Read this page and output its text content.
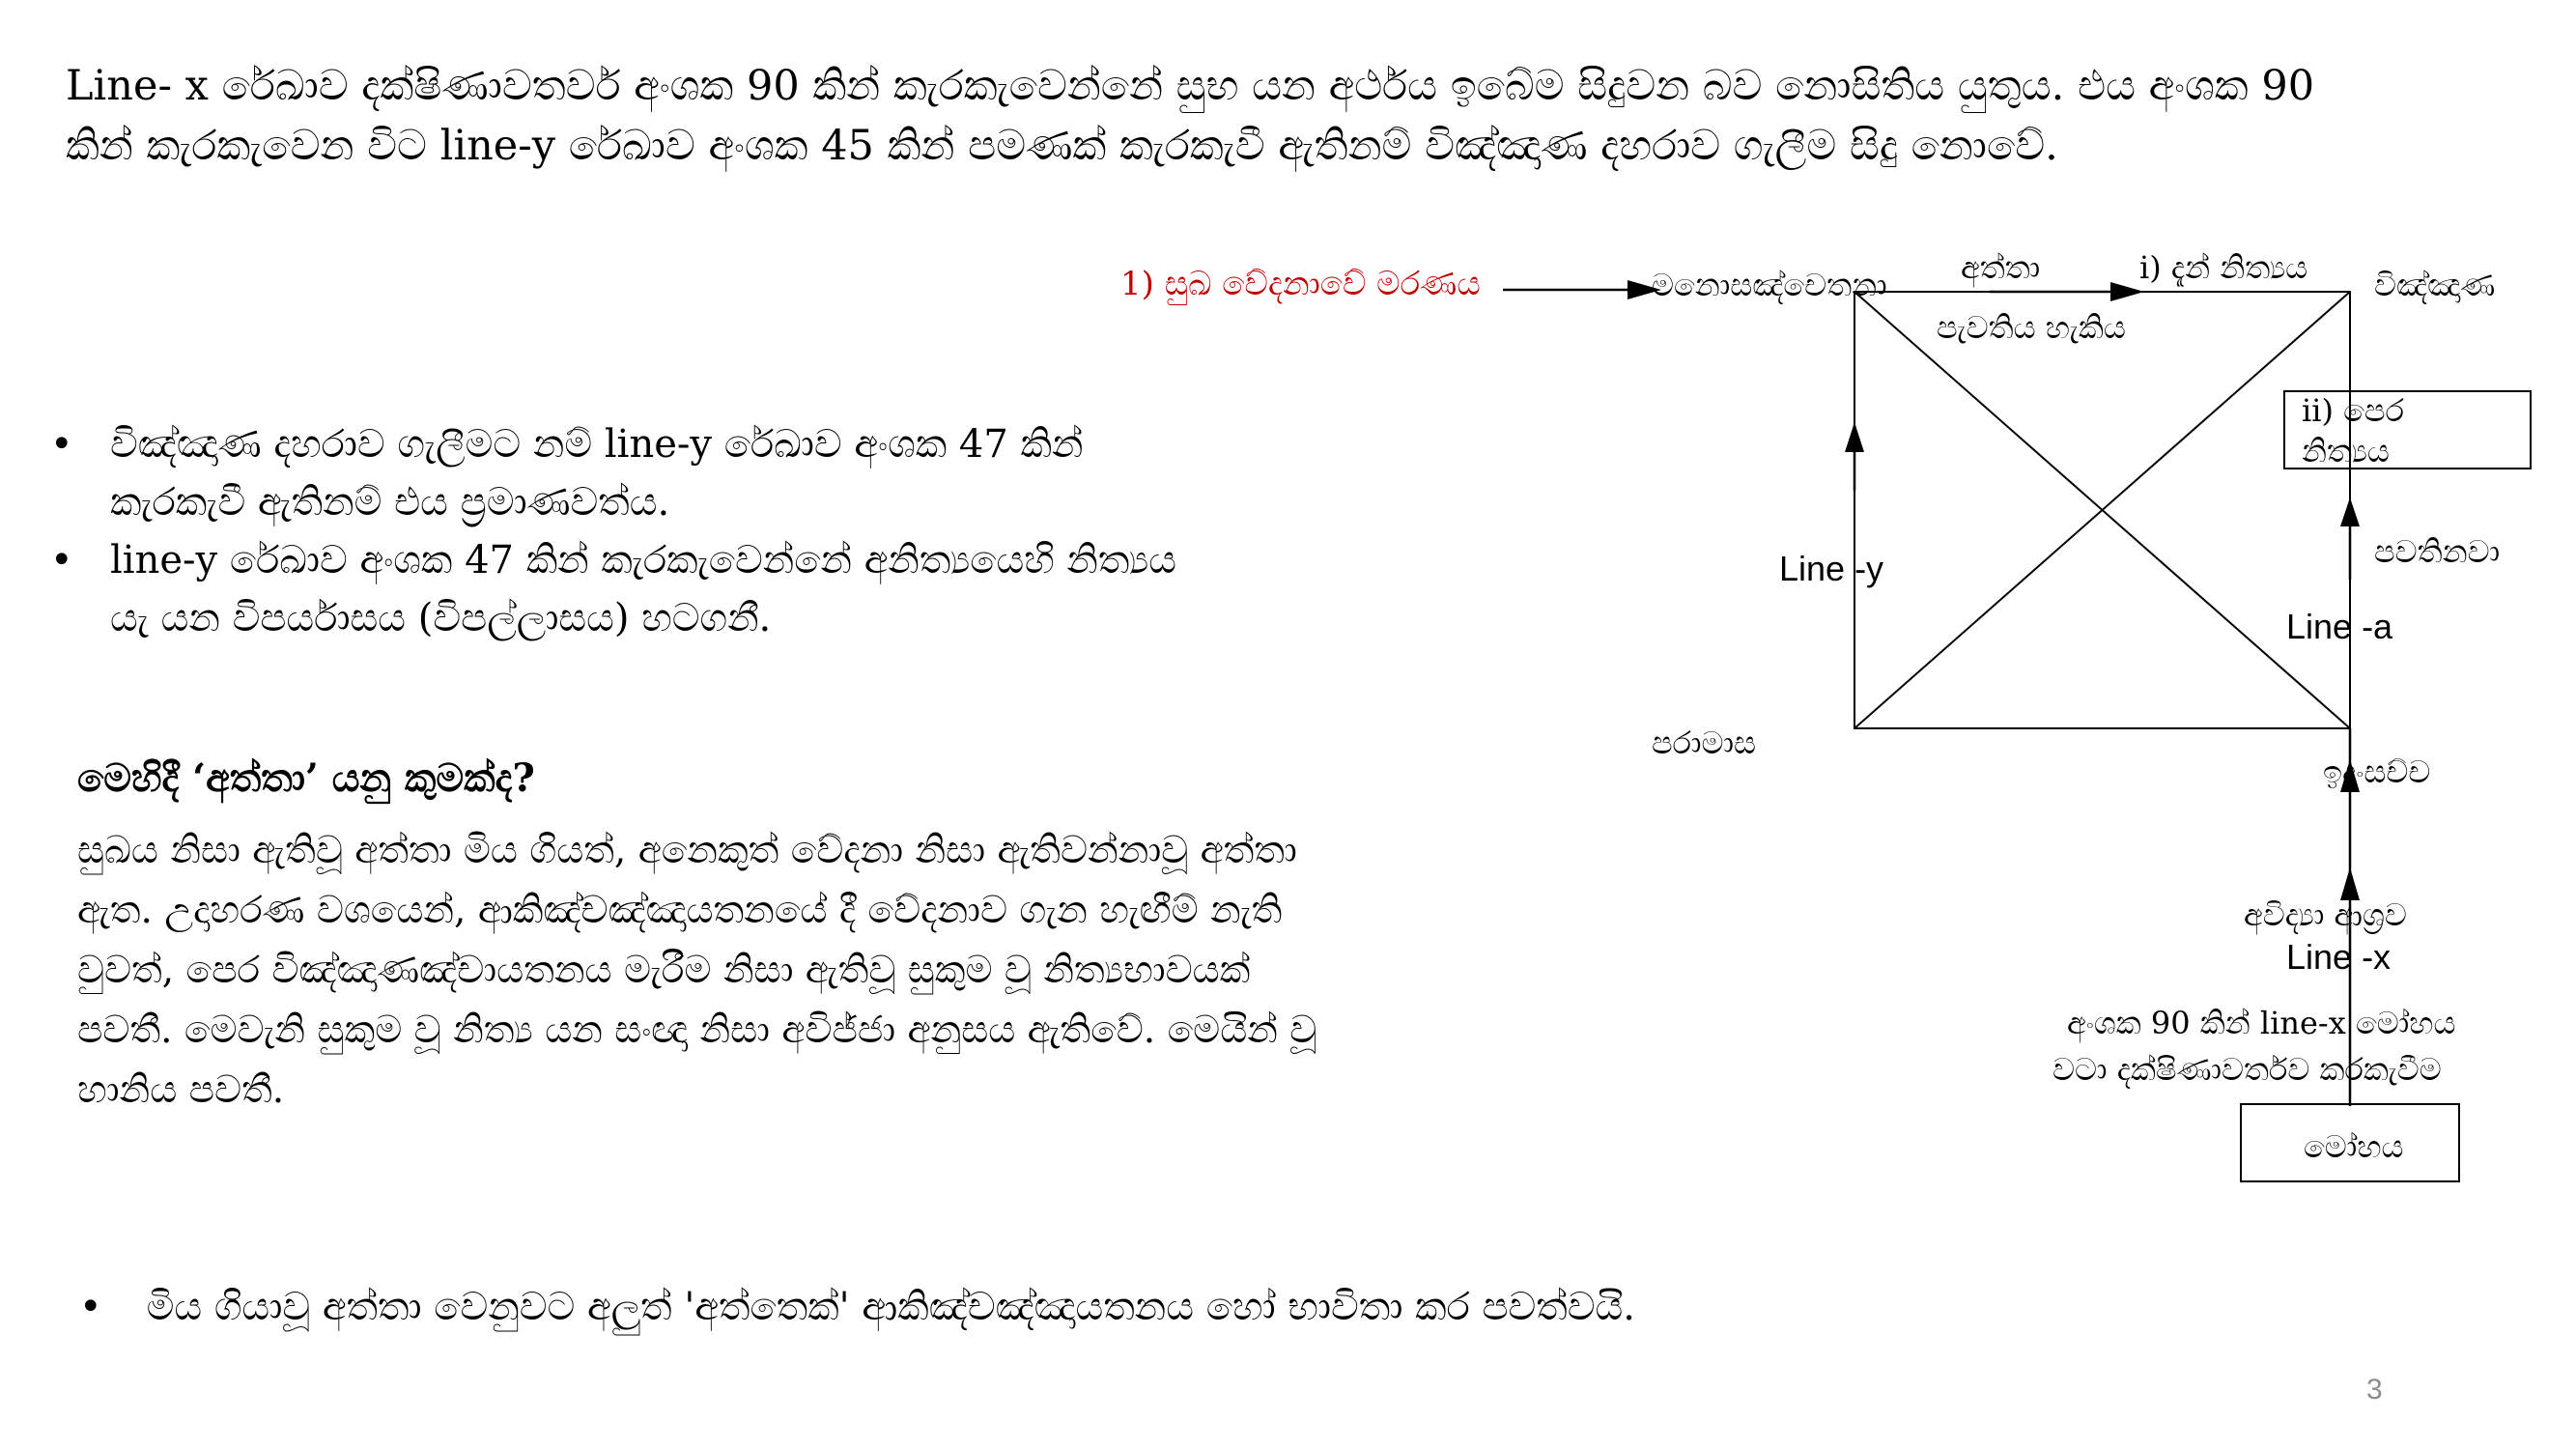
Line- x රේඛාව දක්ෂිණාවතර්ව අංශක 90 කින් කැරකැවෙන්නේ සුභ යන අර්ථය ඉබේම සිදුවන බව නොසිතිය යුතුය. එය අංශක 90
කින් කැරකැවෙන විට line-y රේඛාව අංශක 45 කින් පමණක් කැරකැවී ඇතිනම් විඤ්ඤාණ දහරාව ගැලීම සිදු නොවේ.
• විඤ්ඤාණ දහරාව ගැලීමට නම් line-y රේඛාව අංශක 47 කින්
කැරකැවී ඇතිනම් එය ප්‍රමාණවත්ය.
• line-y රේඛාව අංශක 47 කින් කැරකැවෙන්නේ අනිත්‍යයෙහි නිත්‍යය
යැ යන විපර්යාසය (විපල්ලාසය) හටගනී.
මෙහිදී ‘අත්තා’ යනු කුමක්ද?
සුඛය නිසා ඇතිවූ අත්තා මිය ගියත්, අනෙකුත් වේදනා නිසා ඇතිවන්නාවූ අත්තා
ඇත. උදාහරණ වශයෙන්, ආකිඤ්චඤ්ඤායතනයේ දී වේදනාව ගැන හැඟීම් නැති
වුවත්, පෙර විඤ්ඤාණඤ්චායතනය මැරීම නිසා ඇතිවූ සුකුම වූ නිත්‍යභාවයක්
පවතී. මෙවැනි සුකුම වූ නිත්‍ය යන සංඥා නිසා අවිජ්ජා අනුසය ඇතිවේ. මෙයින් වූ
හානිය පවතී.
• මිය ගියාවූ අත්තා වෙනුවට අලුත් 'අත්තෙක්' ආකිඤ්චඤ්ඤායතනය හෝ භාවිතා කර පවත්වයි.
3
1) සුඛ වේදනාවේ මරණය	මනොසඤ්චෙතනා අත්තා	i) දැන් නිත්‍යය විඤ්ඤාණ
පැවතිය හැකිය
ii) පෙර
නිත්‍යය
පවතිනවා
Line -y
Line -a
පරාමාස
ඉදංසච්ච
අවිද්‍යා ආශ්‍රව
Line -x
අංශක 90 කින් line-x මෝහය
වටා දක්ෂිණාවර්තව කරකැවීම
මෝහය
